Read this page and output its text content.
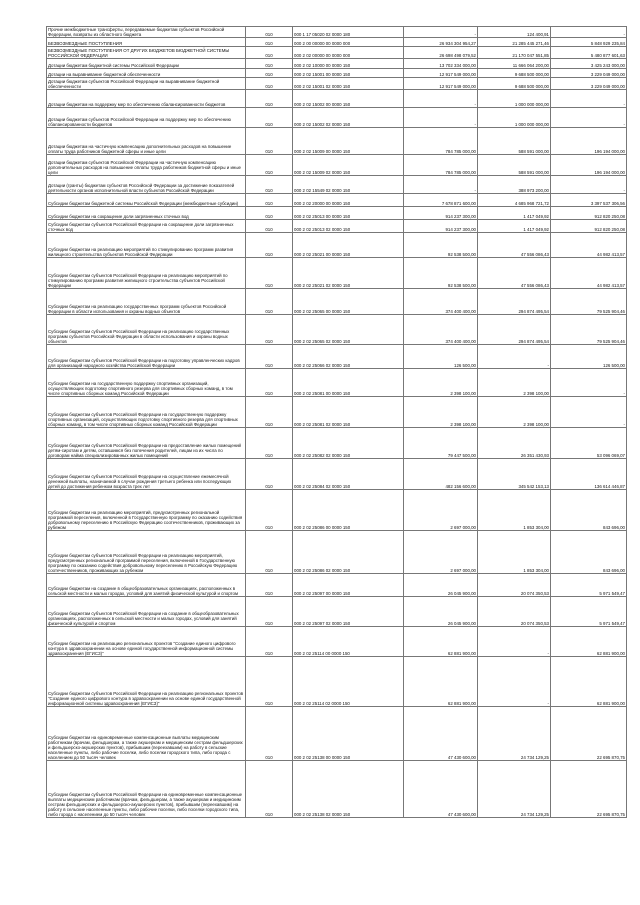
Прочие межбюджетные трансферты, передаваемые бюджетам субъектов Российской Федерации, возвраты из областного бюджета	010	000 1 17 05020 02 0000 180	-	124 400,91	-
БЕЗВОЗМЕЗДНЫЕ ПОСТУПЛЕНИЯ	010	000 2 00 00000 00 0000 000	26 934 304 954,27	21 285 445 271,46	5 848 929 235,84
БЕЗВОЗМЕЗДНЫЕ ПОСТУПЛЕНИЯ ОТ ДРУГИХ БЮДЖЕТОВ БЮДЖЕТНОЙ СИСТЕМЫ РОССИЙСКОЙ ФЕДЕРАЦИИ	010	000 2 02 00000 00 0000 000	26 698 498 079,52	21 170 047 551,85	5 480 877 601,63
Дотации бюджетам бюджетной системы Российской Федерации	010	000 2 02 10000 00 0000 150	13 702 334 000,00	11 666 064 200,00	3 425 243 000,00
Дотации на выравнивание бюджетной обеспеченности	010	000 2 02 15001 00 0000 150	12 917 549 000,00	9 688 500 000,00	3 229 049 000,00
Дотации бюджетам субъектов Российской Федерации на выравнивание бюджетной обеспеченности	010	000 2 02 15001 02 0000 150	12 917 549 000,00	9 688 500 000,00	3 229 049 000,00
Дотации бюджетам на поддержку мер по обеспечению сбалансированности бюджетов	010	000 2 02 15002 00 0000 150	-	1 000 000 000,00	-
Дотации бюджетам субъектов Российской Федерации на поддержку мер по обеспечению сбалансированности бюджетов	010	000 2 02 15002 02 0000 150	-	1 000 000 000,00	-
Дотации бюджетам на частичную компенсацию дополнительных расходов на повышение оплаты труда работников бюджетной сферы и иные цели	010	000 2 02 15009 00 0000 150	784 785 000,00	588 591 000,00	196 194 000,00
Дотации бюджетам субъектов Российской Федерации на частичную компенсацию дополнительных расходов на повышение оплаты труда работников бюджетной сферы и иные цели	010	000 2 02 15009 02 0000 150	784 785 000,00	588 591 000,00	196 194 000,00
Дотации (гранты) бюджетам субъектов Российской Федерации за достижение показателей деятельности органов исполнительной власти субъектов Российской Федерации	010	000 2 02 15549 02 0000 150	-	388 973 200,00	-
Субсидии бюджетам бюджетной системы Российской Федерации (межбюджетные субсидии)	010	000 2 02 20000 00 0000 150	7 678 871 600,00	4 685 968 721,72	3 397 537 306,56
Субсидии бюджетам на сокращение доли загрязненных сточных вод	010	000 2 02 25013 00 0000 150	914 237 300,00	1 417 049,92	912 820 250,08
Субсидии бюджетам субъектов Российской Федерации на сокращение доли загрязненных сточных вод	010	000 2 02 25013 02 0000 150	914 237 300,00	1 417 049,92	912 820 250,08
Субсидии бюджетам на реализацию мероприятий по стимулированию программ развития жилищного строительства субъектов Российской Федерации	010	000 2 02 25021 00 0000 150	92 538 500,00	47 556 086,43	44 982 413,57
Субсидии бюджетам субъектов Российской Федерации на реализацию мероприятий по стимулированию программ развития жилищного строительства субъектов Российской Федерации	010	000 2 02 25021 02 0000 150	92 538 500,00	47 556 086,43	44 982 413,57
Субсидии бюджетам на реализацию государственных программ субъектов Российской Федерации в области использования и охраны водных объектов	010	000 2 02 25065 00 0000 150	374 400 400,00	294 874 495,54	79 525 904,46
Субсидии бюджетам субъектов Российской Федерации на реализацию государственных программ субъектов Российской Федерации в области использования и охраны водных объектов	010	000 2 02 25065 02 0000 150	374 400 400,00	294 874 495,54	79 525 904,46
Субсидии бюджетам субъектов Российской Федерации на подготовку управленческих кадров для организаций народного хозяйства Российской Федерации	010	000 2 02 25066 02 0000 150	126 500,00	-	126 500,00
Субсидии бюджетам на государственную поддержку спортивных организаций, осуществляющих подготовку спортивного резерва для спортивных сборных команд, в том числе спортивных сборных команд Российской Федерации	010	000 2 02 25081 00 0000 150	2 398 100,00	2 398 100,00	-
Субсидии бюджетам субъектов Российской Федерации на государственную поддержку спортивных организаций, осуществляющих подготовку спортивного резерва для спортивных сборных команд, в том числе спортивных сборных команд Российской Федерации	010	000 2 02 25081 02 0000 150	2 398 100,00	2 398 100,00	-
Субсидии бюджетам субъектов Российской Федерации на предоставление жилых помещений детям-сиротам и детям, оставшимся без попечения родителей, лицам из их числа по договорам найма специализированных жилых помещений	010	000 2 02 25082 02 0000 150	79 447 500,00	26 351 430,93	53 096 069,07
Субсидии бюджетам субъектов Российской Федерации на осуществление ежемесячной денежной выплаты, назначаемой в случае рождения третьего ребенка или последующих детей до достижения ребенком возраста трех лет	010	000 2 02 25084 02 0000 150	482 156 600,00	345 542 153,13	136 614 446,87
Субсидии бюджетам на реализацию мероприятий, предусмотренных региональной программой переселения, включенной в Государственную программу по оказанию содействия добровольному переселению в Российскую Федерацию соотечественников, проживающих за рубежом	010	000 2 02 25086 00 0000 150	2 697 000,00	1 853 304,00	843 696,00
Субсидии бюджетам субъектов Российской Федерации на реализацию мероприятий, предусмотренных региональной программой переселения, включенной в Государственную программу по оказанию содействия добровольному переселению в Российскую Федерацию соотечественников, проживающих за рубежом	010	000 2 02 25086 02 0000 150	2 697 000,00	1 853 304,00	843 696,00
Субсидии бюджетам на создание в общеобразовательных организациях, расположенных в сельской местности и малых городах, условий для занятий физической культурой и спортом	010	000 2 02 25097 00 0000 150	26 045 900,00	20 074 350,53	5 971 549,47
Субсидии бюджетам субъектов Российской Федерации на создание в общеобразовательных организациях, расположенных в сельской местности и малых городах, условий для занятий физической культурой и спортом	010	000 2 02 25097 02 0000 150	26 045 900,00	20 074 350,53	5 971 549,47
Субсидии бюджетам на реализацию региональных проектов "Создание единого цифрового контура в здравоохранении на основе единой государственной информационной системы здравоохранения (ЕГИСЗ)"	010	000 2 02 25114 00 0000 150	62 881 900,00	-	62 881 900,00
Субсидии бюджетам субъектов Российской Федерации на реализацию региональных проектов "Создание единого цифрового контура в здравоохранении на основе единой государственной информационной системы здравоохранения (ЕГИСЗ)"	010	000 2 02 25114 02 0000 150	62 881 900,00	-	62 881 900,00
Субсидии бюджетам на единовременные компенсационные выплаты медицинским работникам (врачам, фельдшерам, а также акушеркам и медицинским сестрам фельдшерских и фельдшерско-акушерских пунктов), прибывшим (переехавшим) на работу в сельские населенные пункты, либо рабочие поселки, либо поселки городского типа, либо города с населением до 50 тысяч человек	010	000 2 02 25138 00 0000 150	47 430 600,00	24 734 129,25	22 695 870,75
Субсидии бюджетам субъектов Российской Федерации на единовременные компенсационные выплаты медицинским работникам (врачам, фельдшерам, а также акушеркам и медицинским сестрам фельдшерских и фельдшерско-акушерских пунктов), прибывшим (переехавшим) на работу в сельские населенные пункты, либо рабочие поселки, либо поселки городского типа, либо города с населением до 50 тысяч человек	010	000 2 02 25138 02 0000 150	47 430 600,00	24 734 129,25	22 695 870,75
